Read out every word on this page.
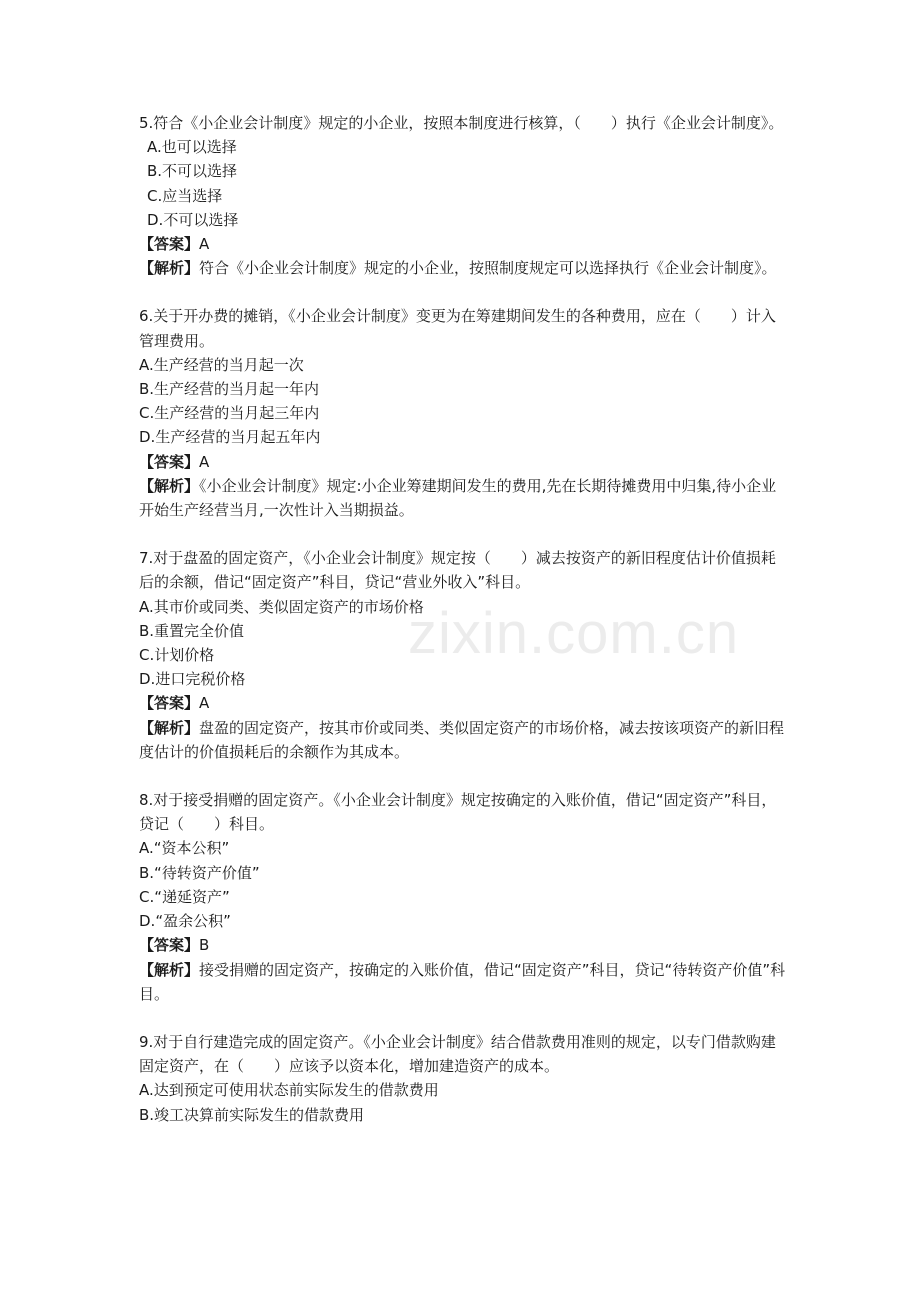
zixin.com.cn

5.符合《小企业会计制度》规定的小企业，按照本制度进行核算，（　　）执行《企业会计制度》。

A.也可以选择

B.不可以选择

C.应当选择

D.不可以选择

【答案】A

【解析】符合《小企业会计制度》规定的小企业，按照制度规定可以选择执行《企业会计制度》。

6.关于开办费的摊销，《小企业会计制度》变更为在筹建期间发生的各种费用，应在（　　）计入管理费用。

A.生产经营的当月起一次

B.生产经营的当月起一年内

C.生产经营的当月起三年内

D.生产经营的当月起五年内

【答案】A

【解析】《小企业会计制度》规定:小企业筹建期间发生的费用,先在长期待摊费用中归集,待小企业开始生产经营当月,一次性计入当期损益。

7.对于盘盈的固定资产，《小企业会计制度》规定按（　　）减去按资产的新旧程度估计价值损耗后的余额，借记“固定资产”科目，贷记“营业外收入”科目。

A.其市价或同类、类似固定资产的市场价格

B.重置完全价值

C.计划价格

D.进口完税价格

【答案】A

【解析】盘盈的固定资产，按其市价或同类、类似固定资产的市场价格，减去按该项资产的新旧程度估计的价值损耗后的余额作为其成本。

8.对于接受捐赠的固定资产。《小企业会计制度》规定按确定的入账价值，借记“固定资产”科目，贷记（　　）科目。

A.“资本公积”

B.“待转资产价值”

C.“递延资产”

D.“盈余公积”

【答案】B

【解析】接受捐赠的固定资产，按确定的入账价值，借记“固定资产”科目，贷记“待转资产价值”科目。

9.对于自行建造完成的固定资产。《小企业会计制度》结合借款费用准则的规定，以专门借款购建固定资产，在（　　）应该予以资本化，增加建造资产的成本。

A.达到预定可使用状态前实际发生的借款费用

B.竣工决算前实际发生的借款费用
